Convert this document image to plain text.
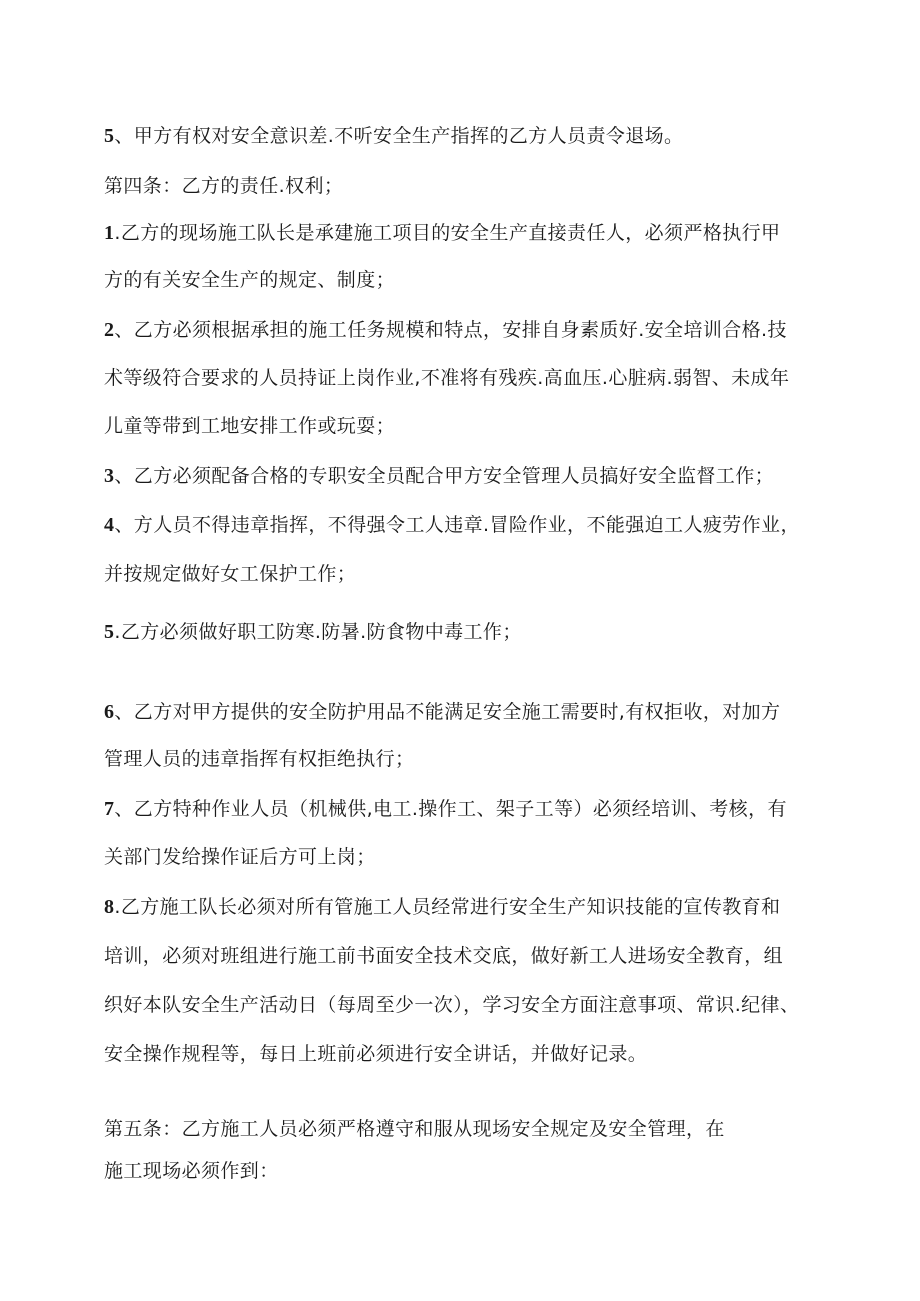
5、甲方有权对安全意识差.不听安全生产指挥的乙方人员责令退场。
第四条：乙方的责任.权利；
1.乙方的现场施工队长是承建施工项目的安全生产直接责任人，必须严格执行甲
方的有关安全生产的规定、制度；
2、乙方必须根据承担的施工任务规模和特点，安排自身素质好.安全培训合格.技
术等级符合要求的人员持证上岗作业,不准将有残疾.高血压.心脏病.弱智、未成年
儿童等带到工地安排工作或玩耍；
3、乙方必须配备合格的专职安全员配合甲方安全管理人员搞好安全监督工作；
4、方人员不得违章指挥，不得强令工人违章.冒险作业，不能强迫工人疲劳作业，
并按规定做好女工保护工作；
5.乙方必须做好职工防寒.防暑.防食物中毒工作；
6、乙方对甲方提供的安全防护用品不能满足安全施工需要时,有权拒收，对加方
管理人员的违章指挥有权拒绝执行；
7、乙方特种作业人员（机械供,电工.操作工、架子工等）必须经培训、考核，有
关部门发给操作证后方可上岗；
8.乙方施工队长必须对所有管施工人员经常进行安全生产知识技能的宣传教育和
培训，必须对班组进行施工前书面安全技术交底，做好新工人进场安全教育，组
织好本队安全生产活动日（每周至少一次），学习安全方面注意事项、常识.纪律、
安全操作规程等，每日上班前必须进行安全讲话，并做好记录。
第五条：乙方施工人员必须严格遵守和服从现场安全规定及安全管理，在
施工现场必须作到：
